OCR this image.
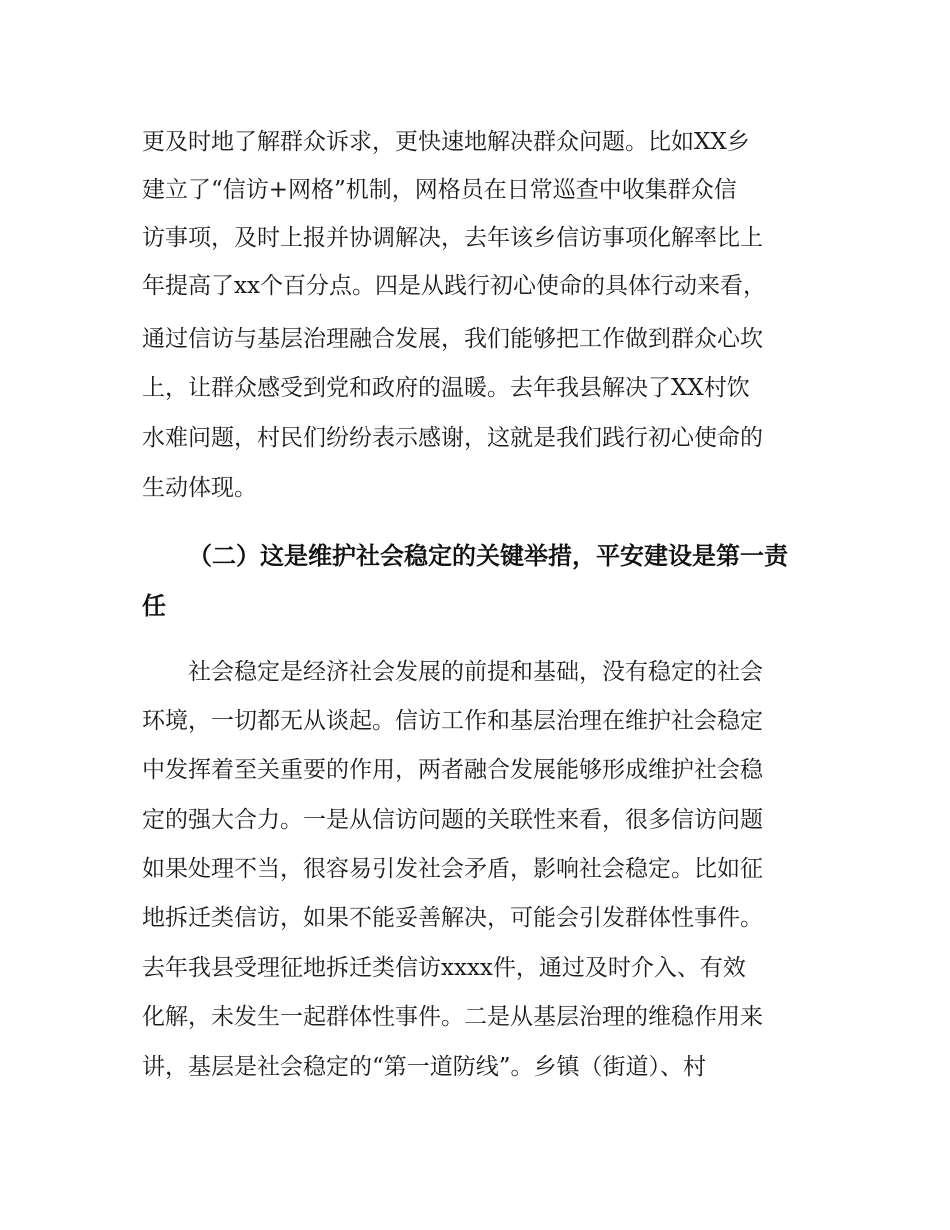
更及时地了解群众诉求，更快速地解决群众问题。比如XX乡
建立了“信访+网格”机制，网格员在日常巡查中收集群众信
访事项，及时上报并协调解决，去年该乡信访事项化解率比上
年提高了xx个百分点。四是从践行初心使命的具体行动来看，
通过信访与基层治理融合发展，我们能够把工作做到群众心坎
上，让群众感受到党和政府的温暖。去年我县解决了XX村饮
水难问题，村民们纷纷表示感谢，这就是我们践行初心使命的
生动体现。
（二）这是维护社会稳定的关键举措，平安建设是第一责
任
社会稳定是经济社会发展的前提和基础，没有稳定的社会
环境，一切都无从谈起。信访工作和基层治理在维护社会稳定
中发挥着至关重要的作用，两者融合发展能够形成维护社会稳
定的强大合力。一是从信访问题的关联性来看，很多信访问题
如果处理不当，很容易引发社会矛盾，影响社会稳定。比如征
地拆迁类信访，如果不能妥善解决，可能会引发群体性事件。
去年我县受理征地拆迁类信访xxxx件，通过及时介入、有效
化解，未发生一起群体性事件。二是从基层治理的维稳作用来
讲，基层是社会稳定的“第一道防线”。乡镇（街道）、村
